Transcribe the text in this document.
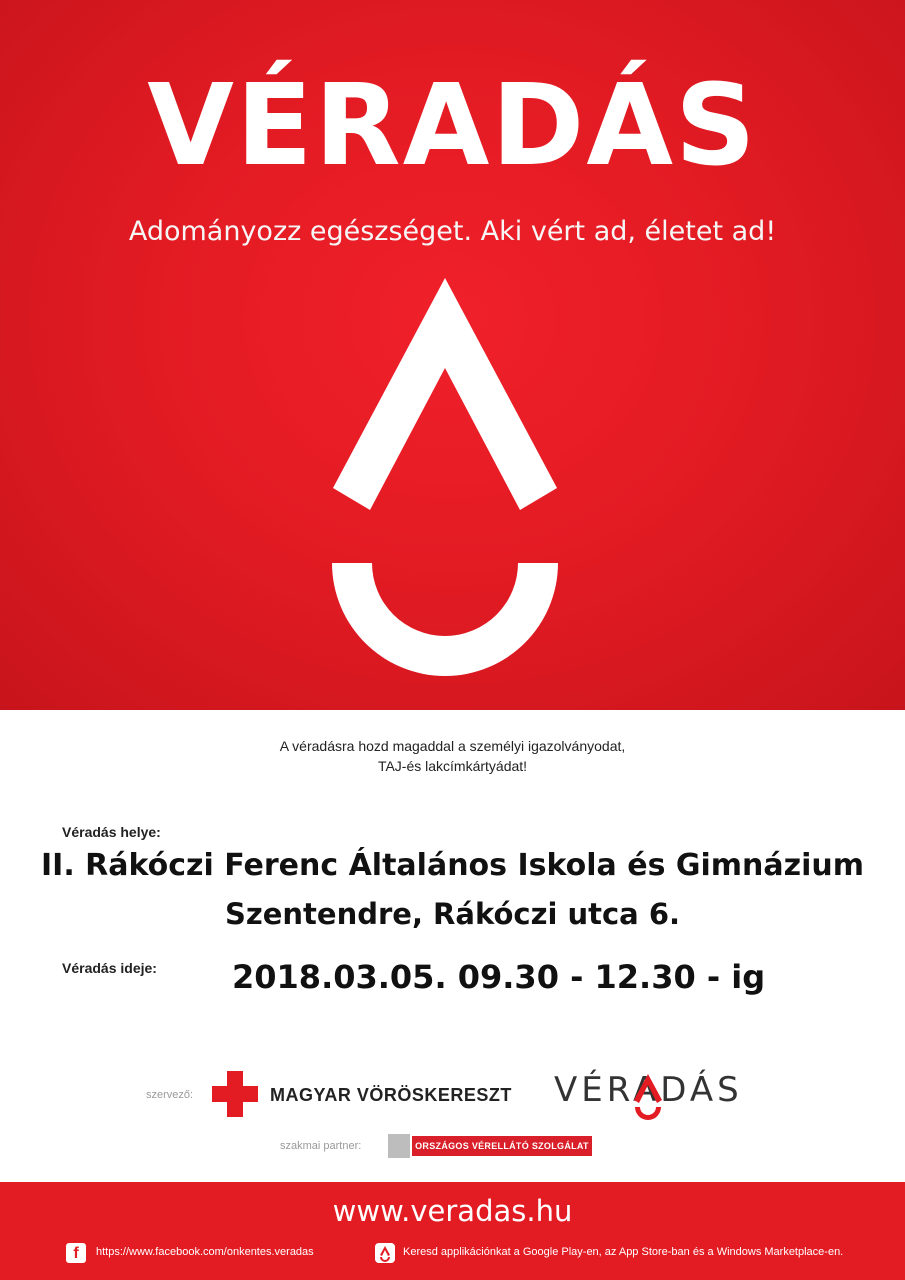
VÉRADÁS
Adományozz egészséget. Aki vért ad, életet ad!
A véradásra hozd magaddal a személyi igazolványodat,
TAJ-és lakcímkártyádat!
Véradás helye:
II. Rákóczi Ferenc Általános Iskola és Gimnázium
Szentendre, Rákóczi utca 6.
Véradás ideje: 2018.03.05. 09.30 - 12.30 - ig
szervező:	MAGYAR VÖRÖSKERESZT VÉRADÁS
szakmai partner:	ORSZÁGOS VÉRELLÁTÓ SZOLGÁLAT
www.veradas.hu
f	https://www.facebook.com/onkentes.veradas	Keresd applikációnkat a Google Play-en, az App Store-ban és a Windows Marketplace-en.
